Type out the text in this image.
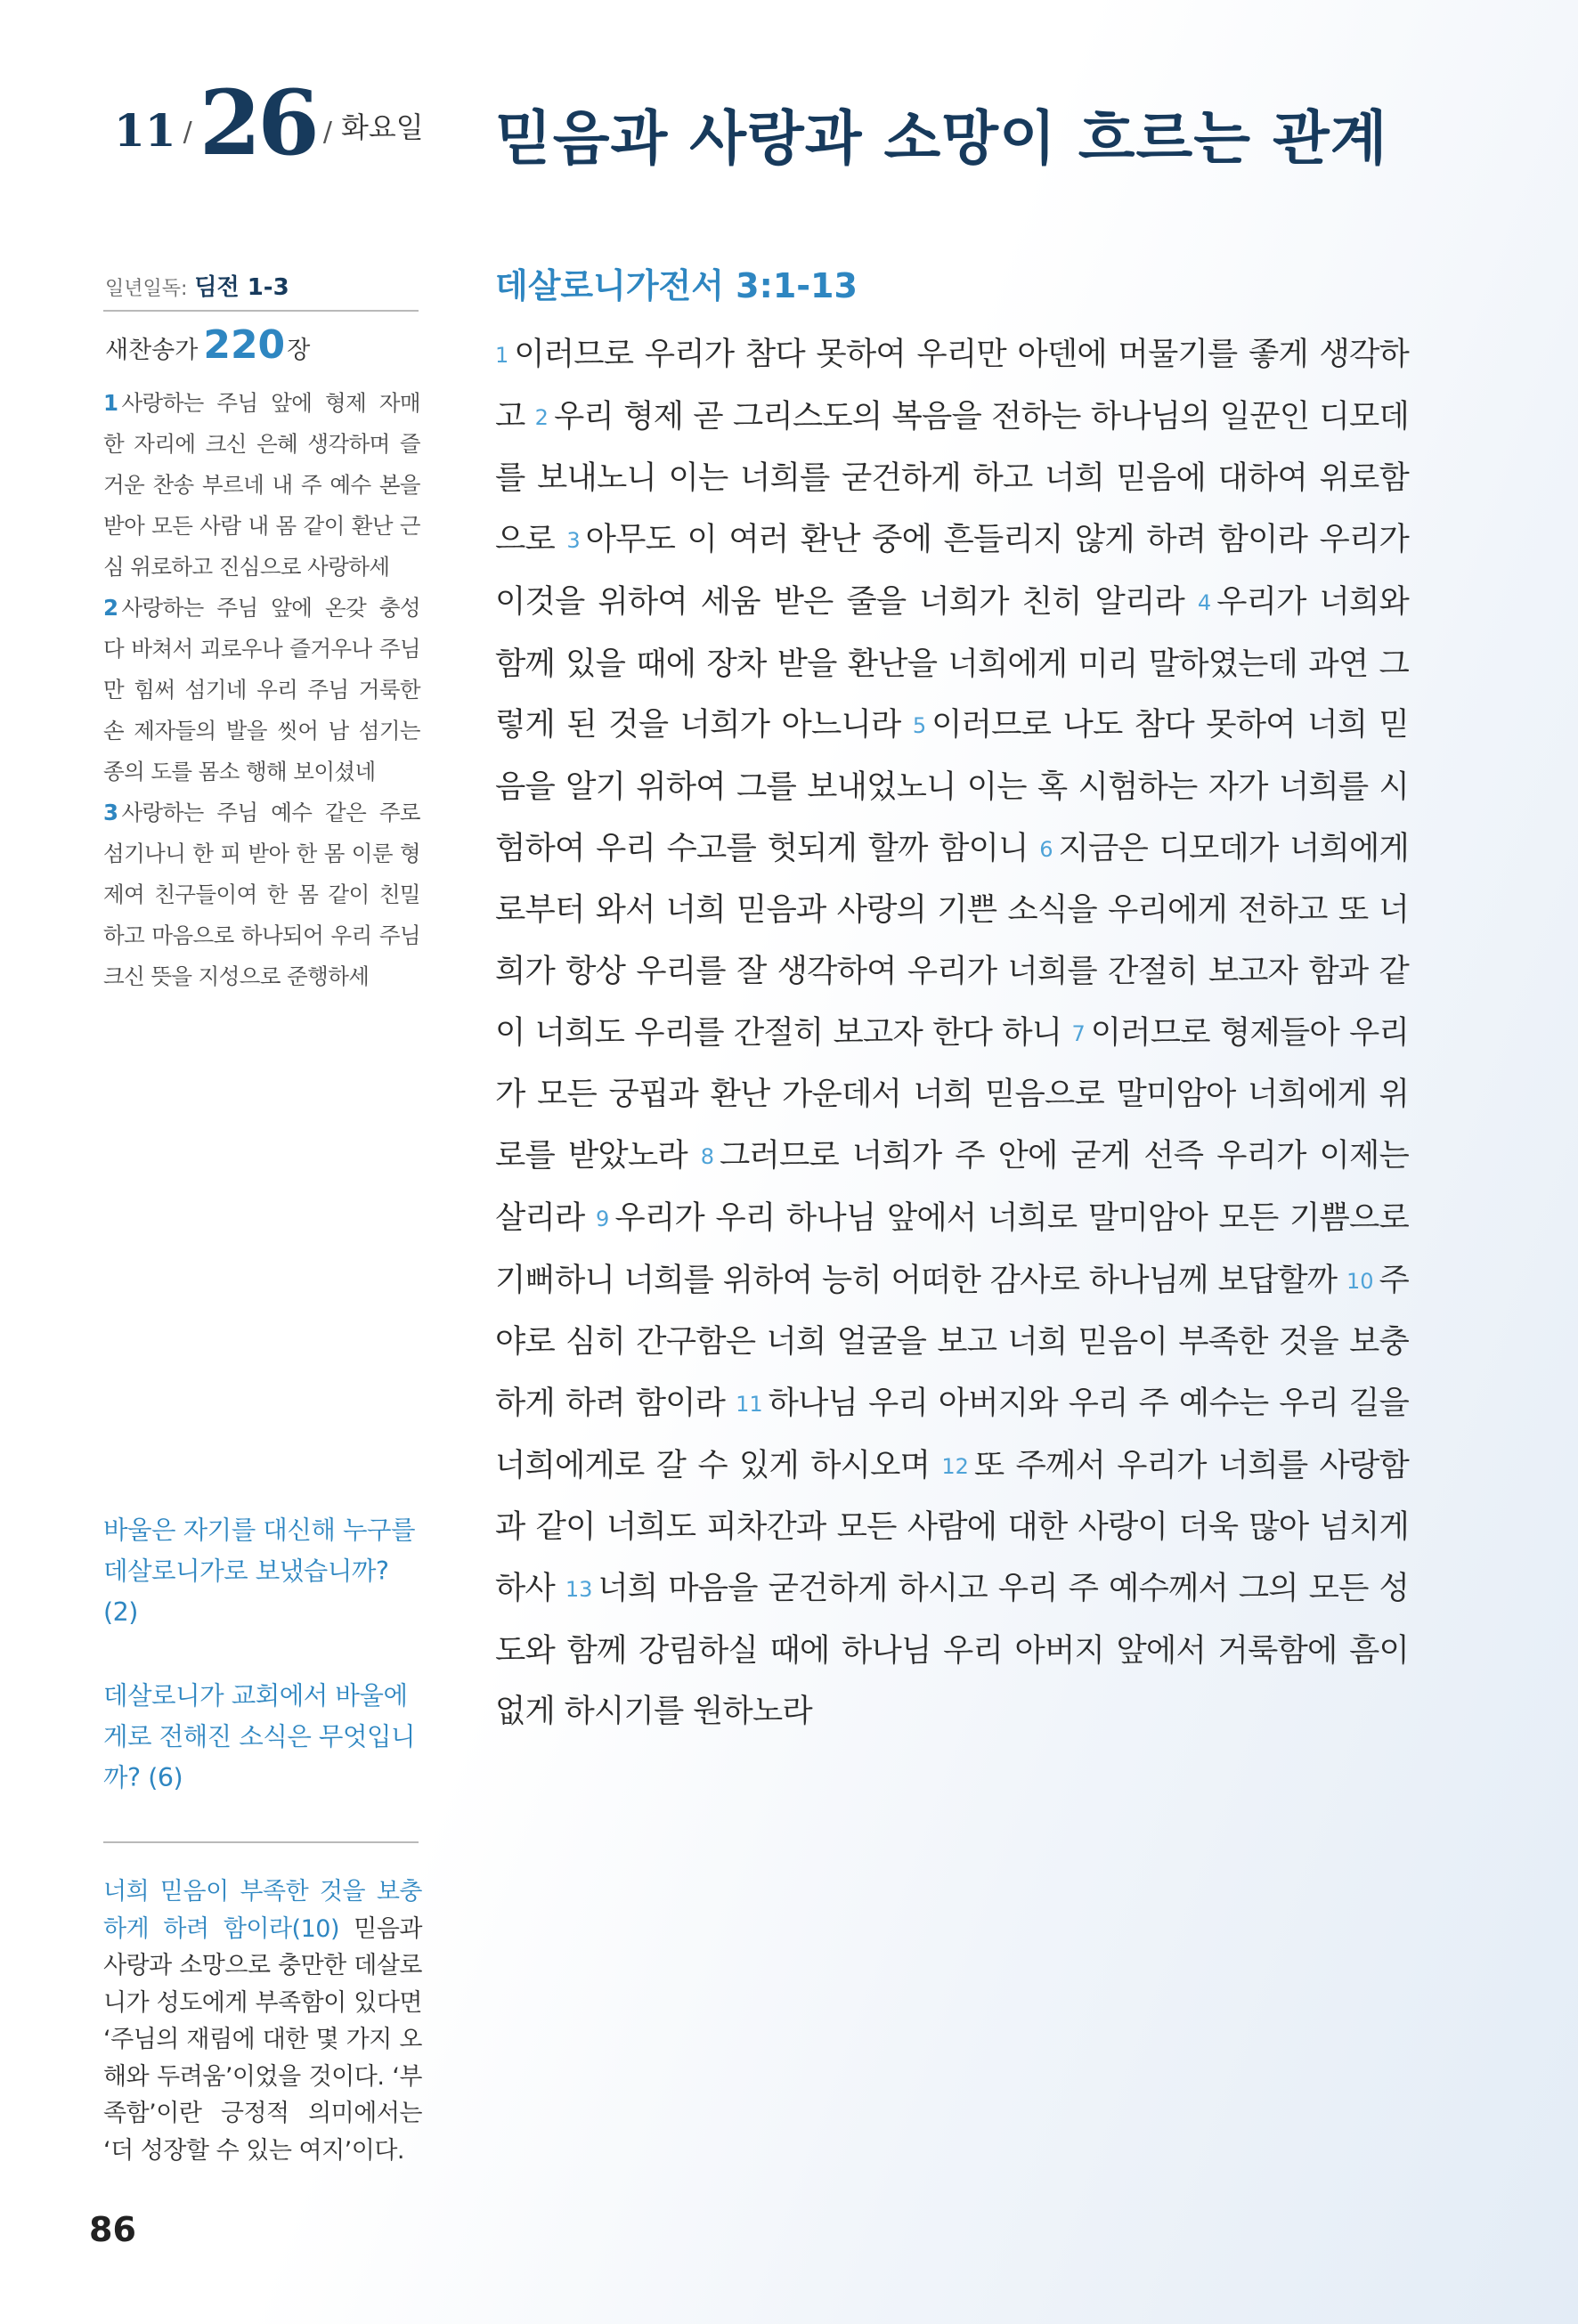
11 / 26 / 화요일 믿음과 사랑과 소망이 흐르는 관계
일년일독: 딤전 1-3
새찬송가 220 장

1 사랑하는 주님 앞에 형제 자매 한 자리에 크신 은혜 생각하며 즐거운 찬송 부르네 내 주 예수 본을 받아 모든 사람 내 몸 같이 환난 근심 위로하고 진심으로 사랑하세

2 사랑하는 주님 앞에 온갖 충성 다 바쳐서 괴로우나 즐거우나 주님만 힘써 섬기네 우리 주님 거룩한 손 제자들의 발을 씻어 남 섬기는 종의 도를 몸소 행해 보이셨네

3 사랑하는 주님 예수 같은 주로 섬기나니 한 피 받아 한 몸 이룬 형제여 친구들이여 한 몸 같이 친밀하고 마음으로 하나되어 우리 주님 크신 뜻을 지성으로 준행하세

바울은 자기를 대신해 누구를 데살로니가로 보냈습니까? (2)
데살로니가 교회에서 바울에게로 전해진 소식은 무엇입니까? (6)
너희 믿음이 부족한 것을 보충하게 하려 함이라(10) 믿음과 사랑과 소망으로 충만한 데살로니가 성도에게 부족함이 있다면 ‘주님의 재림에 대한 몇 가지 오해와 두려움’이었을 것이다. ‘부족함’이란 긍정적 의미에서는 ‘더 성장할 수 있는 여지’이다.
86
데살로니가전서 3:1-13
1 이러므로 우리가 참다 못하여 우리만 아덴에 머물기를 좋게 생각하고 2 우리 형제 곧 그리스도의 복음을 전하는 하나님의 일꾼인 디모데를 보내노니 이는 너희를 굳건하게 하고 너희 믿음에 대하여 위로함으로 3 아무도 이 여러 환난 중에 흔들리지 않게 하려 함이라 우리가 이것을 위하여 세움 받은 줄을 너희가 친히 알리라 4 우리가 너희와 함께 있을 때에 장차 받을 환난을 너희에게 미리 말하였는데 과연 그렇게 된 것을 너희가 아느니라 5 이러므로 나도 참다 못하여 너희 믿음을 알기 위하여 그를 보내었노니 이는 혹 시험하는 자가 너희를 시험하여 우리 수고를 헛되게 할까 함이니 6 지금은 디모데가 너희에게로부터 와서 너희 믿음과 사랑의 기쁜 소식을 우리에게 전하고 또 너희가 항상 우리를 잘 생각하여 우리가 너희를 간절히 보고자 함과 같이 너희도 우리를 간절히 보고자 한다 하니 7 이러므로 형제들아 우리가 모든 궁핍과 환난 가운데서 너희 믿음으로 말미암아 너희에게 위로를 받았노라 8 그러므로 너희가 주 안에 굳게 선즉 우리가 이제는 살리라 9 우리가 우리 하나님 앞에서 너희로 말미암아 모든 기쁨으로 기뻐하니 너희를 위하여 능히 어떠한 감사로 하나님께 보답할까 10 주야로 심히 간구함은 너희 얼굴을 보고 너희 믿음이 부족한 것을 보충하게 하려 함이라 11 하나님 우리 아버지와 우리 주 예수는 우리 길을 너희에게로 갈 수 있게 하시오며 12 또 주께서 우리가 너희를 사랑함과 같이 너희도 피차간과 모든 사람에 대한 사랑이 더욱 많아 넘치게 하사 13 너희 마음을 굳건하게 하시고 우리 주 예수께서 그의 모든 성도와 함께 강림하실 때에 하나님 우리 아버지 앞에서 거룩함에 흠이 없게 하시기를 원하노라
